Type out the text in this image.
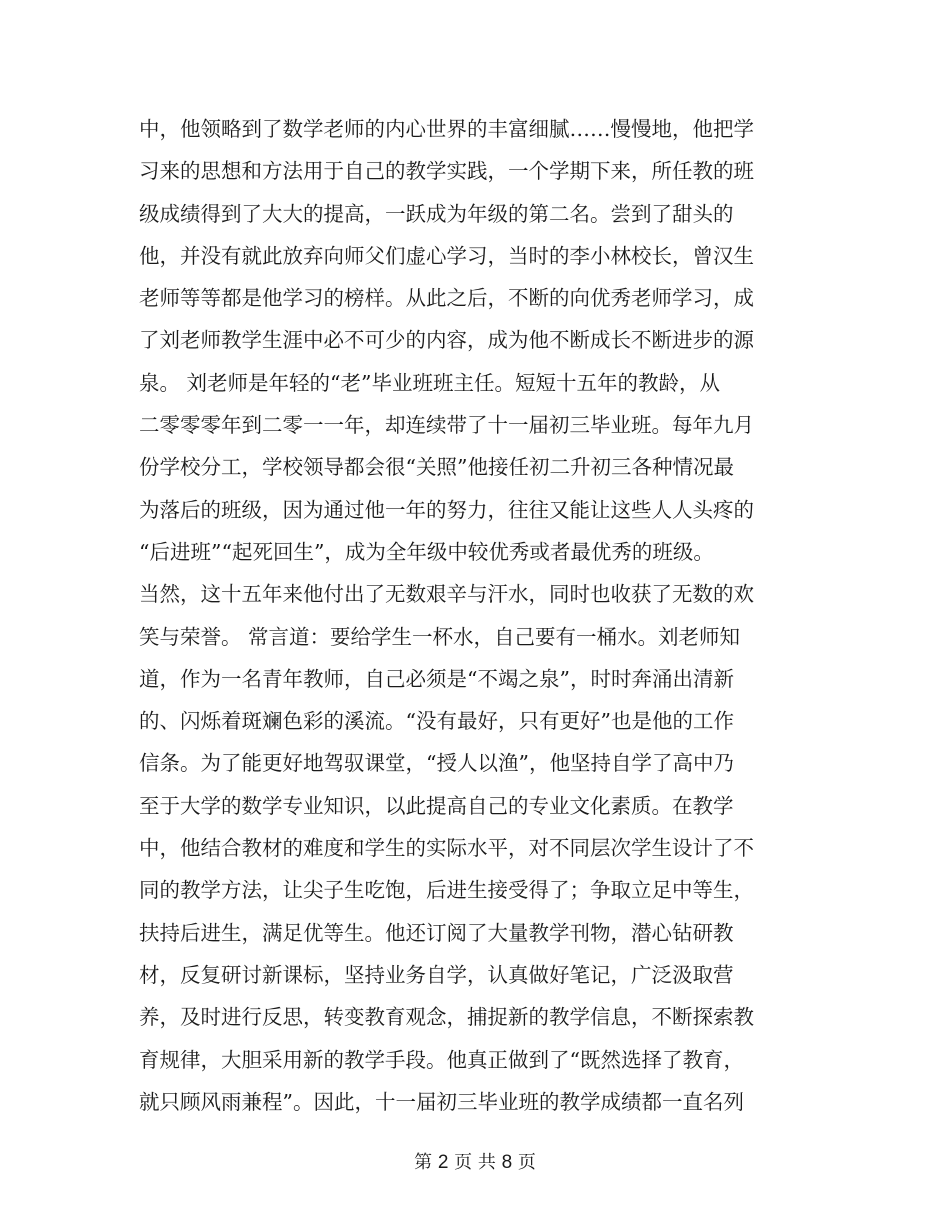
中，他领略到了数学老师的内心世界的丰富细腻……慢慢地，他把学
习来的思想和方法用于自己的教学实践，一个学期下来，所任教的班
级成绩得到了大大的提高，一跃成为年级的第二名。尝到了甜头的
他，并没有就此放弃向师父们虚心学习，当时的李小林校长，曾汉生
老师等等都是他学习的榜样。从此之后，不断的向优秀老师学习，成
了刘老师教学生涯中必不可少的内容，成为他不断成长不断进步的源
泉。 刘老师是年轻的“老”毕业班班主任。短短十五年的教龄，从
二零零零年到二零一一年，却连续带了十一届初三毕业班。每年九月
份学校分工，学校领导都会很“关照”他接任初二升初三各种情况最
为落后的班级，因为通过他一年的努力，往往又能让这些人人头疼的
“后进班”“起死回生”，成为全年级中较优秀或者最优秀的班级。
当然，这十五年来他付出了无数艰辛与汗水，同时也收获了无数的欢
笑与荣誉。 常言道：要给学生一杯水，自己要有一桶水。刘老师知
道，作为一名青年教师，自己必须是“不竭之泉”，时时奔涌出清新
的、闪烁着斑斓色彩的溪流。“没有最好，只有更好”也是他的工作
信条。为了能更好地驾驭课堂，“授人以渔”，他坚持自学了高中乃
至于大学的数学专业知识，以此提高自己的专业文化素质。在教学
中，他结合教材的难度和学生的实际水平，对不同层次学生设计了不
同的教学方法，让尖子生吃饱，后进生接受得了；争取立足中等生，
扶持后进生，满足优等生。他还订阅了大量教学刊物，潜心钻研教
材，反复研讨新课标，坚持业务自学，认真做好笔记，广泛汲取营
养，及时进行反思，转变教育观念，捕捉新的教学信息，不断探索教
育规律，大胆采用新的教学手段。他真正做到了“既然选择了教育，
就只顾风雨兼程”。因此，十一届初三毕业班的教学成绩都一直名列
第 2 页 共 8 页
